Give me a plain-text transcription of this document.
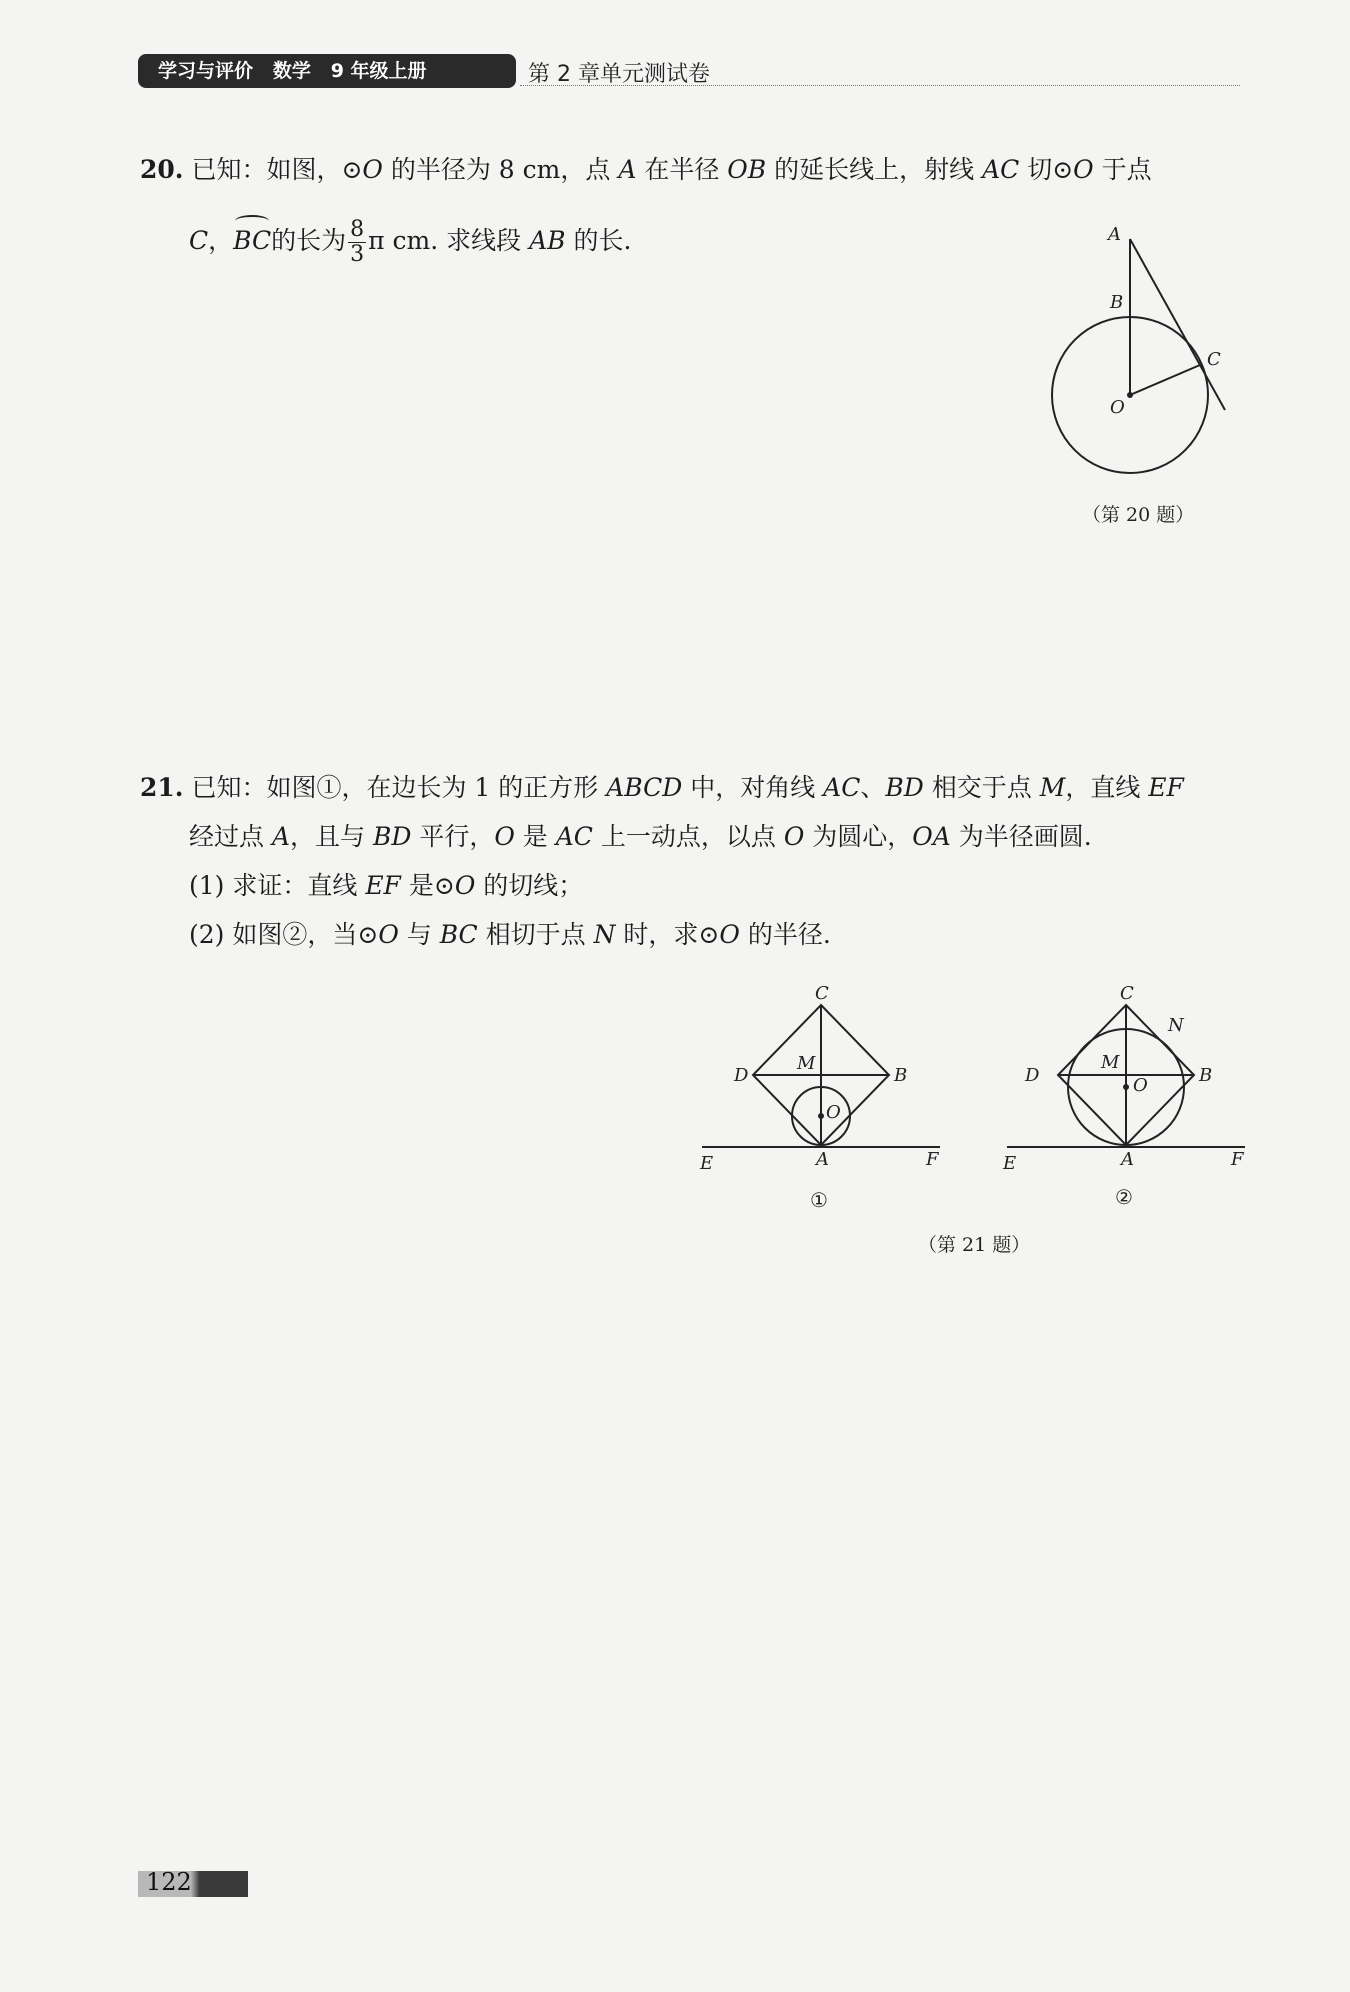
学习与评价   数学   9 年级上册	第 2 章单元测试卷
20. 已知：如图，⊙O 的半径为 8 cm，点 A 在半径 OB 的延长线上，射线 AC 切⊙O 于点
C，BC的长为 $\frac{8}{3}$ π cm. 求线段 AB 的长.	A
B
C
O
（第 20 题）
21. 已知：如图①，在边长为 1 的正方形 ABCD 中，对角线 AC、BD 相交于点 M，直线 EF
经过点 A，且与 BD 平行，O 是 AC 上一动点，以点 O 为圆心，OA 为半径画圆.
(1) 求证：直线 EF 是⊙O 的切线；
(2) 如图②，当⊙O 与 BC 相切于点 N 时，求⊙O 的半径.
C
D	B
M
O
E	A	F
①
C
N
D	B
M
O
E	A	F
②
（第 21 题）
122
